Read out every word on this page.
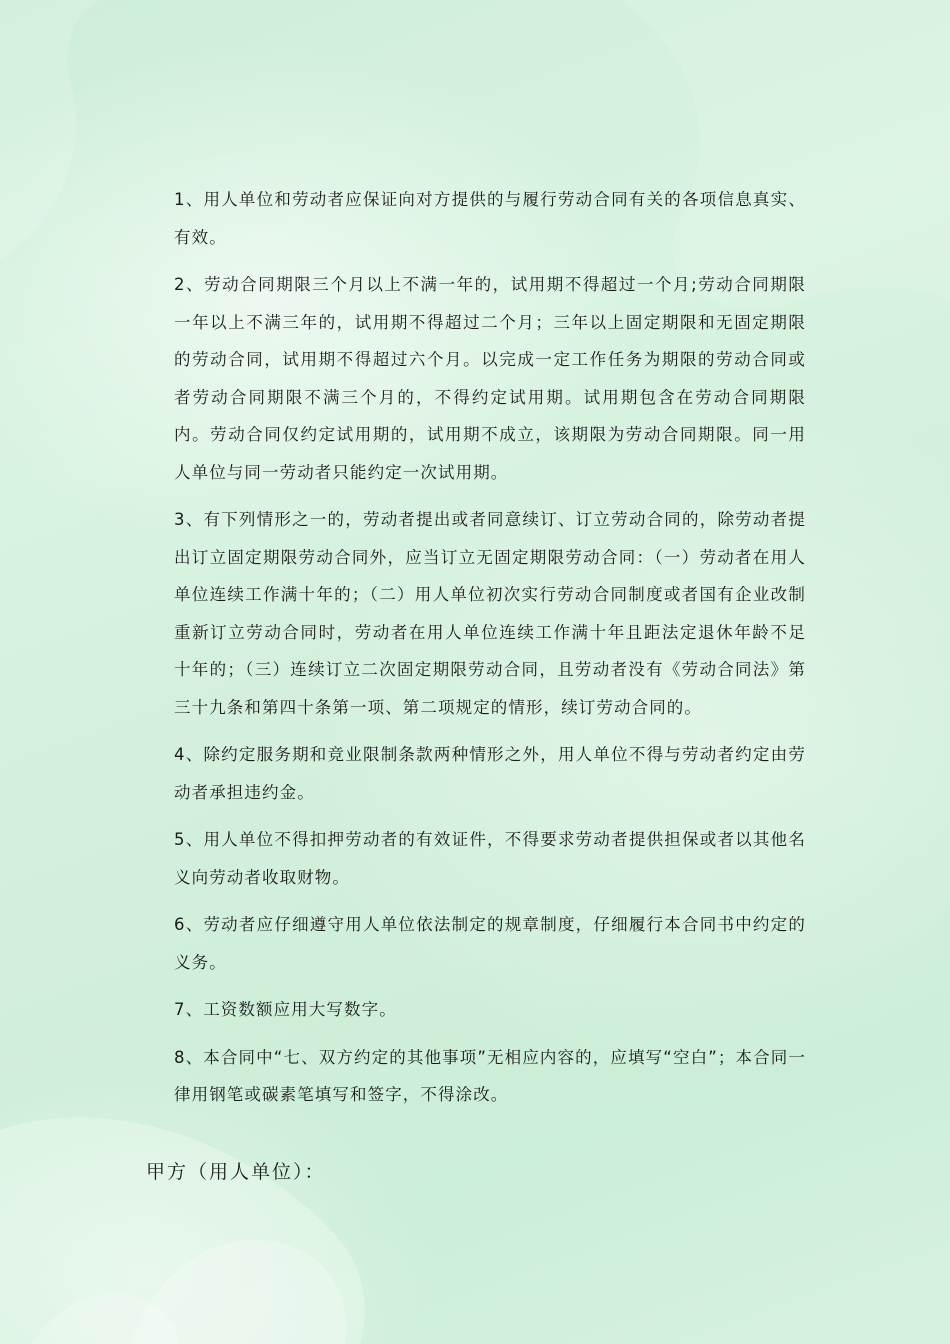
1、用人单位和劳动者应保证向对方提供的与履行劳动合同有关的各项信息真实、有效。

2、劳动合同期限三个月以上不满一年的，试用期不得超过一个月;劳动合同期限一年以上不满三年的，试用期不得超过二个月；三年以上固定期限和无固定期限的劳动合同，试用期不得超过六个月。以完成一定工作任务为期限的劳动合同或者劳动合同期限不满三个月的，不得约定试用期。试用期包含在劳动合同期限内。劳动合同仅约定试用期的，试用期不成立，该期限为劳动合同期限。同一用人单位与同一劳动者只能约定一次试用期。

3、有下列情形之一的，劳动者提出或者同意续订、订立劳动合同的，除劳动者提出订立固定期限劳动合同外，应当订立无固定期限劳动合同：（一）劳动者在用人单位连续工作满十年的；（二）用人单位初次实行劳动合同制度或者国有企业改制重新订立劳动合同时，劳动者在用人单位连续工作满十年且距法定退休年龄不足十年的；（三）连续订立二次固定期限劳动合同，且劳动者没有《劳动合同法》第三十九条和第四十条第一项、第二项规定的情形，续订劳动合同的。

4、除约定服务期和竞业限制条款两种情形之外，用人单位不得与劳动者约定由劳动者承担违约金。

5、用人单位不得扣押劳动者的有效证件，不得要求劳动者提供担保或者以其他名义向劳动者收取财物。

6、劳动者应仔细遵守用人单位依法制定的规章制度，仔细履行本合同书中约定的义务。

7、工资数额应用大写数字。

8、本合同中“七、双方约定的其他事项”无相应内容的，应填写“空白”；本合同一律用钢笔或碳素笔填写和签字，不得涂改。

甲方（用人单位）：
